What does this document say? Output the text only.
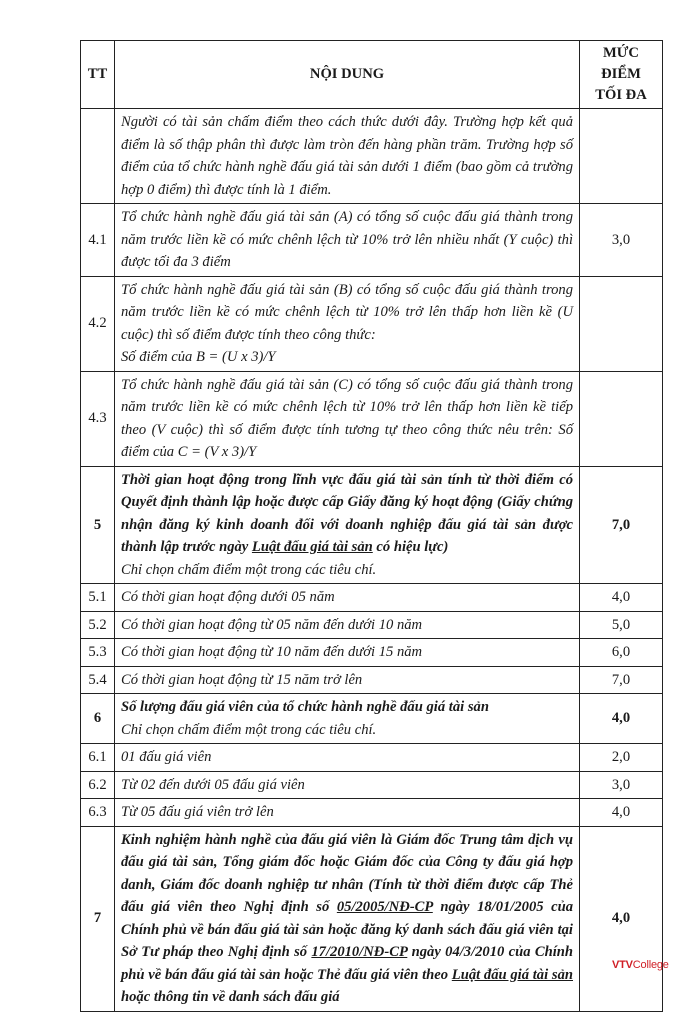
TT	NỘI DUNG	MỨC
ĐIỂM
TỐI ĐA

	Người có tài sản chấm điểm theo cách thức dưới đây. Trường hợp kết quả điểm là số thập phân thì được làm tròn đến hàng phần trăm. Trường hợp số điểm của tổ chức hành nghề đấu giá tài sản dưới 1 điểm (bao gồm cả trường hợp 0 điểm) thì được tính là 1 điểm.	
4.1	Tổ chức hành nghề đấu giá tài sản (A) có tổng số cuộc đấu giá thành trong năm trước liền kề có mức chênh lệch từ 10% trở lên nhiều nhất (Y cuộc) thì được tối đa 3 điểm	3,0
4.2	Tổ chức hành nghề đấu giá tài sản (B) có tổng số cuộc đấu giá thành trong năm trước liền kề có mức chênh lệch từ 10% trở lên thấp hơn liền kề (U cuộc) thì số điểm được tính theo công thức:
Số điểm của B = (U x 3)/Y	

4.3	Tổ chức hành nghề đấu giá tài sản (C) có tổng số cuộc đấu giá thành trong năm trước liền kề có mức chênh lệch từ 10% trở lên thấp hơn liền kề tiếp theo (V cuộc) thì số điểm được tính tương tự theo công thức nêu trên: Số điểm của C = (V x 3)/Y	
5	Thời gian hoạt động trong lĩnh vực đấu giá tài sản tính từ thời điểm có Quyết định thành lập hoặc được cấp Giấy đăng ký hoạt động (Giấy chứng nhận đăng ký kinh doanh đối với doanh nghiệp đấu giá tài sản được thành lập trước ngày Luật đấu giá tài sản có hiệu lực)
Chỉ chọn chấm điểm một trong các tiêu chí.	7,0
5.1	Có thời gian hoạt động dưới 05 năm	4,0
5.2	Có thời gian hoạt động từ 05 năm đến dưới 10 năm	5,0
5.3	Có thời gian hoạt động từ 10 năm đến dưới 15 năm	6,0
5.4	Có thời gian hoạt động từ 15 năm trở lên	7,0
6	Số lượng đấu giá viên của tổ chức hành nghề đấu giá tài sản
Chỉ chọn chấm điểm một trong các tiêu chí.	4,0
6.1	01 đấu giá viên	2,0
6.2	Từ 02 đến dưới 05 đấu giá viên	3,0
6.3	Từ 05 đấu giá viên trở lên	4,0
7	Kinh nghiệm hành nghề của đấu giá viên là Giám đốc Trung tâm dịch vụ đấu giá tài sản, Tổng giám đốc hoặc Giám đốc của Công ty đấu giá hợp danh, Giám đốc doanh nghiệp tư nhân (Tính từ thời điểm được cấp Thẻ đấu giá viên theo Nghị định số 05/2005/NĐ-CP ngày 18/01/2005 của Chính phủ về bán đấu giá tài sản hoặc đăng ký danh sách đấu giá viên tại Sở Tư pháp theo Nghị định số 17/2010/NĐ-CP ngày 04/3/2010 của Chính phủ về bán đấu giá tài sản hoặc Thẻ đấu giá viên theo Luật đấu giá tài sản hoặc thông tin về danh sách đấu giá	4,0
VTVCollege
